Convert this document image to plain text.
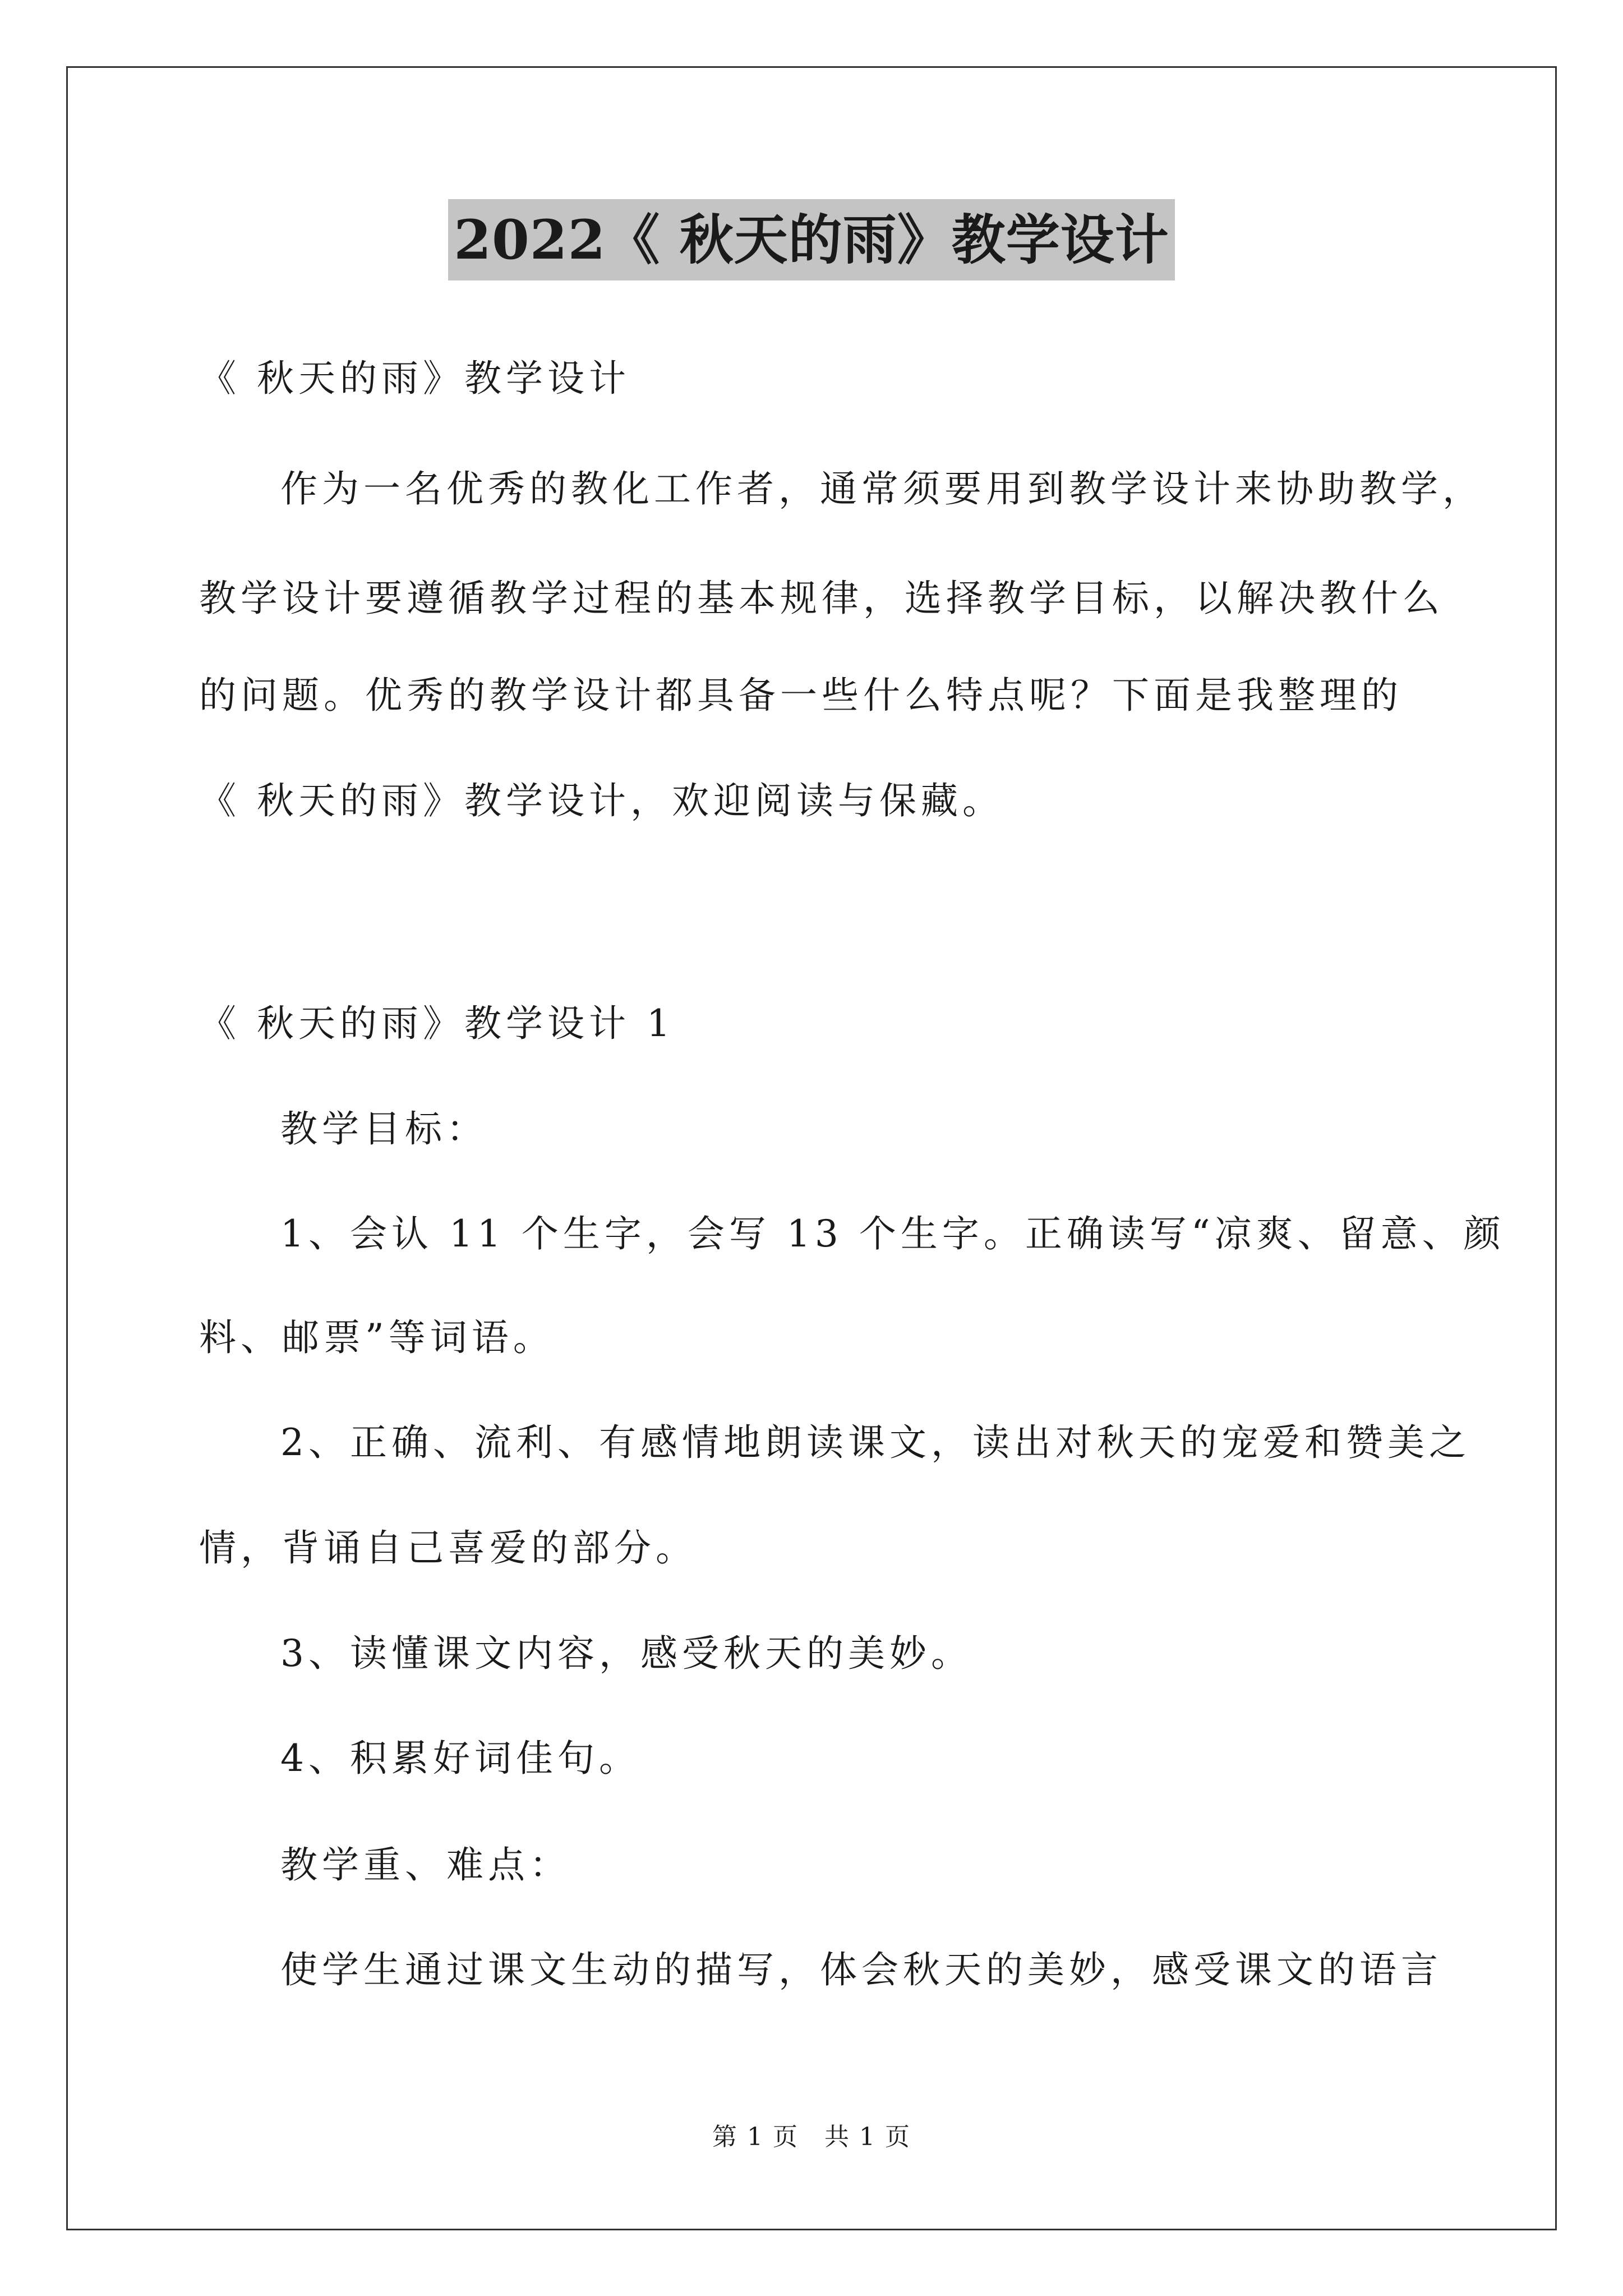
2022《 秋天的雨》教学设计
《 秋天的雨》教学设计
作为一名优秀的教化工作者，通常须要用到教学设计来协助教学，
教学设计要遵循教学过程的基本规律，选择教学目标，以解决教什么
的问题。优秀的教学设计都具备一些什么特点呢？下面是我整理的
《 秋天的雨》教学设计，欢迎阅读与保藏。
《 秋天的雨》教学设计 1
教学目标：
1、会认 11 个生字，会写 13 个生字。正确读写“凉爽、留意、颜
料、邮票”等词语。
2、正确、流利、有感情地朗读课文，读出对秋天的宠爱和赞美之
情，背诵自己喜爱的部分。
3、读懂课文内容，感受秋天的美妙。
4、积累好词佳句。
教学重、难点：
使学生通过课文生动的描写，体会秋天的美妙，感受课文的语言
第 1 页　共 1 页
